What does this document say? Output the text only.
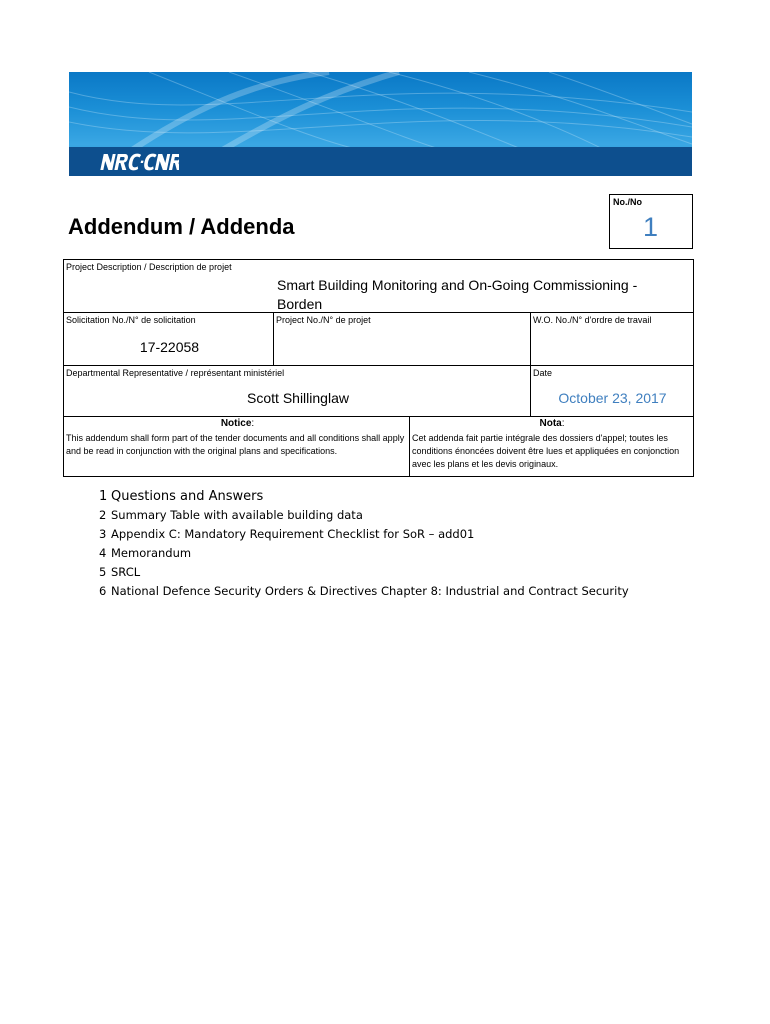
No./No
1
Addendum / Addenda
Project Description / Description de projet
Smart Building Monitoring and On-Going Commissioning - Borden
Solicitation No./N° de solicitation
17-22058
Project No./N° de projet	W.O. No./N° d'ordre de travail
Departmental Representative / représentant ministériel
Scott Shillinglaw
Date
October 23, 2017
Notice:
This addendum shall form part of the tender documents and all conditions shall apply and be read in conjunction with the original plans and specifications.
Nota:
Cet addenda fait partie intégrale des dossiers d'appel; toutes les conditions énoncées doivent être lues et appliquées en conjonction avec les plans et les devis originaux.
1 Questions and Answers
2 Summary Table with available building data
3 Appendix C: Mandatory Requirement Checklist for SoR – add01
4 Memorandum
5 SRCL
6 National Defence Security Orders & Directives Chapter 8: Industrial and Contract Security
